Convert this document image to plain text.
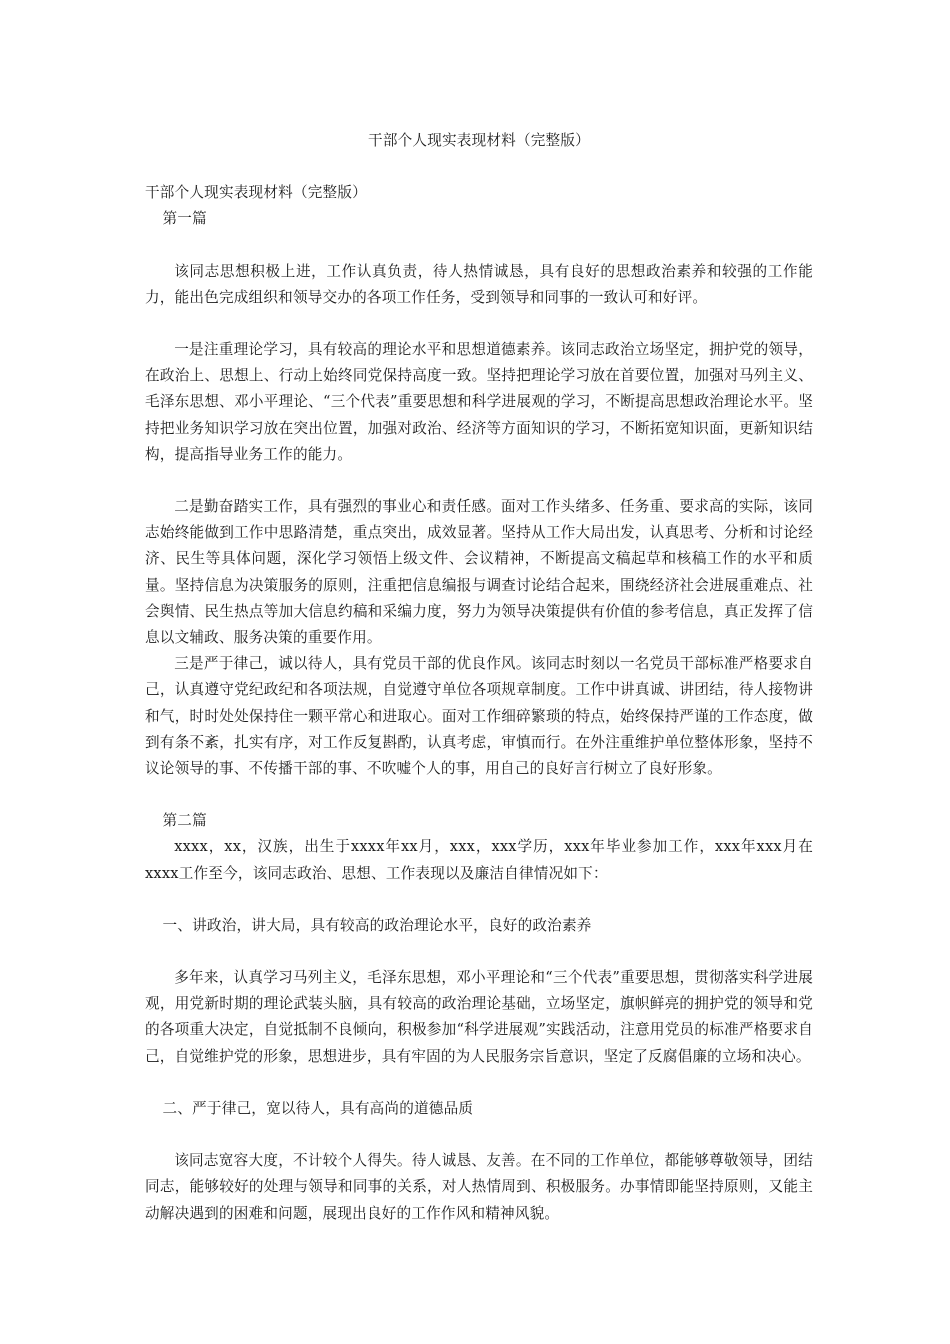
干部个人现实表现材料（完整版）

干部个人现实表现材料（完整版）

第一篇

该同志思想积极上进，工作认真负责，待人热情诚恳，具有良好的思想政治素养和较强的工作能力，能出色完成组织和领导交办的各项工作任务，受到领导和同事的一致认可和好评。

一是注重理论学习，具有较高的理论水平和思想道德素养。该同志政治立场坚定，拥护党的领导，在政治上、思想上、行动上始终同党保持高度一致。坚持把理论学习放在首要位置，加强对马列主义、毛泽东思想、邓小平理论、“三个代表”重要思想和科学进展观的学习，不断提高思想政治理论水平。坚持把业务知识学习放在突出位置，加强对政治、经济等方面知识的学习，不断拓宽知识面，更新知识结构，提高指导业务工作的能力。

二是勤奋踏实工作，具有强烈的事业心和责任感。面对工作头绪多、任务重、要求高的实际，该同志始终能做到工作中思路清楚，重点突出，成效显著。坚持从工作大局出发，认真思考、分析和讨论经济、民生等具体问题，深化学习领悟上级文件、会议精神，不断提高文稿起草和核稿工作的水平和质量。坚持信息为决策服务的原则，注重把信息编报与调查讨论结合起来，围绕经济社会进展重难点、社会舆情、民生热点等加大信息约稿和采编力度，努力为领导决策提供有价值的参考信息，真正发挥了信息以文辅政、服务决策的重要作用。

三是严于律己，诚以待人，具有党员干部的优良作风。该同志时刻以一名党员干部标准严格要求自己，认真遵守党纪政纪和各项法规，自觉遵守单位各项规章制度。工作中讲真诚、讲团结，待人接物讲和气，时时处处保持住一颗平常心和进取心。面对工作细碎繁琐的特点，始终保持严谨的工作态度，做到有条不紊，扎实有序，对工作反复斟酌，认真考虑，审慎而行。在外注重维护单位整体形象，坚持不议论领导的事、不传播干部的事、不吹嘘个人的事，用自己的良好言行树立了良好形象。

第二篇

xxxx，xx，汉族，出生于xxxx年xx月，xxx，xxx学历，xxx年毕业参加工作，xxx年xxx月在xxxx工作至今，该同志政治、思想、工作表现以及廉洁自律情况如下：

一、讲政治，讲大局，具有较高的政治理论水平，良好的政治素养

多年来，认真学习马列主义，毛泽东思想，邓小平理论和“三个代表”重要思想，贯彻落实科学进展观，用党新时期的理论武装头脑，具有较高的政治理论基础，立场坚定，旗帜鲜亮的拥护党的领导和党的各项重大决定，自觉抵制不良倾向，积极参加“科学进展观”实践活动，注意用党员的标准严格要求自己，自觉维护党的形象，思想进步，具有牢固的为人民服务宗旨意识，坚定了反腐倡廉的立场和决心。

二、严于律己，宽以待人，具有高尚的道德品质

该同志宽容大度，不计较个人得失。待人诚恳、友善。在不同的工作单位，都能够尊敬领导，团结同志，能够较好的处理与领导和同事的关系，对人热情周到、积极服务。办事情即能坚持原则，又能主动解决遇到的困难和问题，展现出良好的工作作风和精神风貌。
